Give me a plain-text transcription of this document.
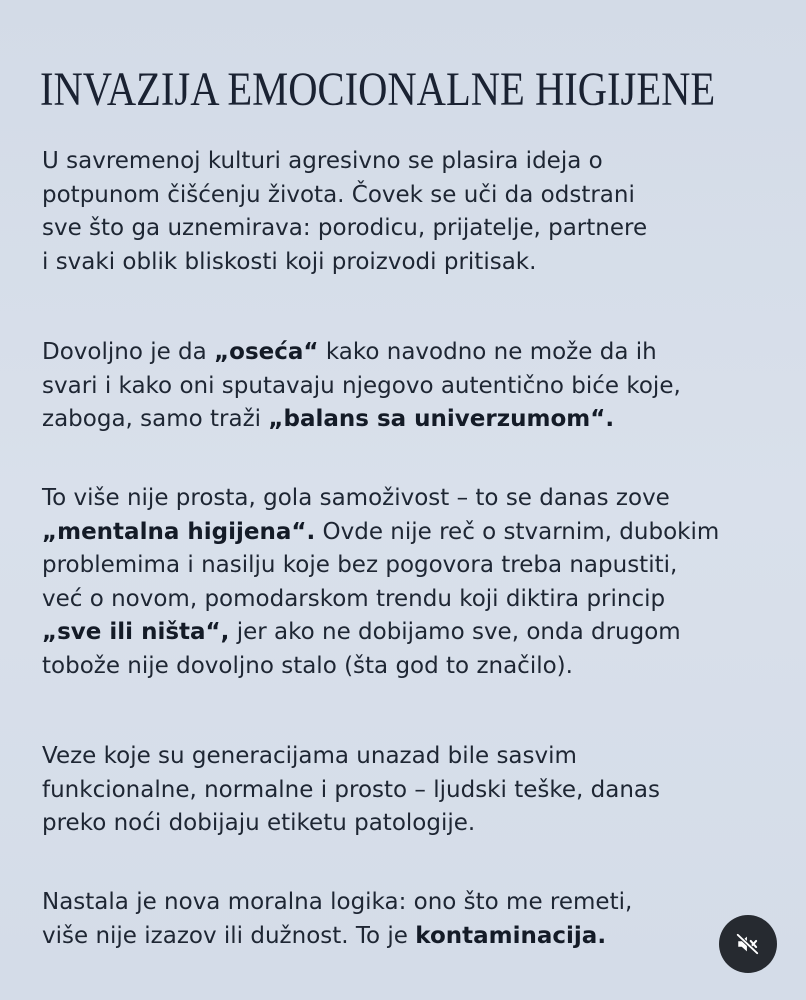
INVAZIJA EMOCIONALNE HIGIJENE

U savremenoj kulturi agresivno se plasira ideja o
potpunom čišćenju života. Čovek se uči da odstrani
sve što ga uznemirava: porodicu, prijatelje, partnere
i svaki oblik bliskosti koji proizvodi pritisak.

Dovoljno je da „oseća“ kako navodno ne može da ih
svari i kako oni sputavaju njegovo autentično biće koje,
zaboga, samo traži „balans sa univerzumom“.

To više nije prosta, gola samoživost – to se danas zove
„mentalna higijena“. Ovde nije reč o stvarnim, dubokim
problemima i nasilju koje bez pogovora treba napustiti,
već o novom, pomodarskom trendu koji diktira princip
„sve ili ništa“, jer ako ne dobijamo sve, onda drugom
tobože nije dovoljno stalo (šta god to značilo).

Veze koje su generacijama unazad bile sasvim
funkcionalne, normalne i prosto – ljudski teške, danas
preko noći dobijaju etiketu patologije.

Nastala je nova moralna logika: ono što me remeti,
više nije izazov ili dužnost. To je kontaminacija.
